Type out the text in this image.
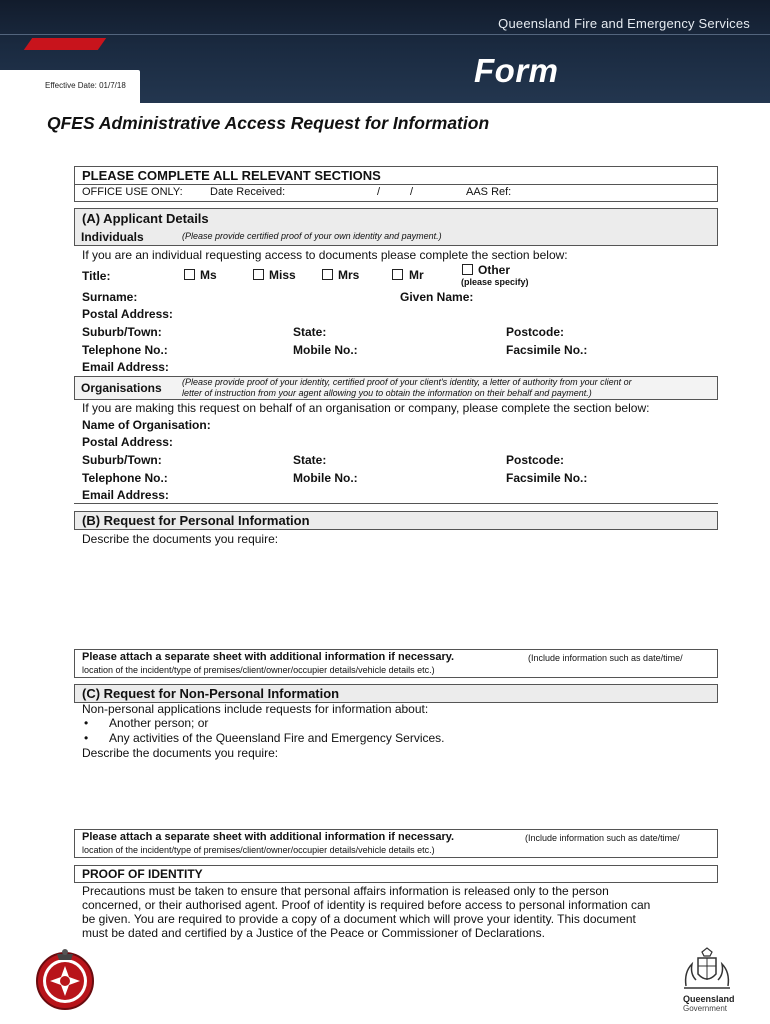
Queensland Fire and Emergency Services
Form
Effective Date: 01/7/18
QFES Administrative Access Request for Information
PLEASE COMPLETE ALL RELEVANT SECTIONS
OFFICE USE ONLY: Date Received:	/	/	AAS Ref:
(A) Applicant Details
Individuals	(Please provide certified proof of your own identity and payment.)
If you are an individual requesting access to documents please complete the section below:
Title:	Ms	Miss	Mrs	Mr	Other
(please specify)
Surname:	Given Name:
Postal Address:
Suburb/Town:	State:	Postcode:
Telephone No.:	Mobile No.:	Facsimile No.:
Email Address:
Organisations (Please provide proof of your identity, certified proof of your client's identity, a letter of authority from your client or
letter of instruction from your agent allowing you to obtain the information on their behalf and payment.)
If you are making this request on behalf of an organisation or company, please complete the section below:
Name of Organisation:
Postal Address:
Suburb/Town:	State:	Postcode:
Telephone No.:	Mobile No.:	Facsimile No.:
Email Address:
(B) Request for Personal Information
Describe the documents you require:
Please attach a separate sheet with additional information if necessary.	(Include information such as date/time/
location of the incident/type of premises/client/owner/occupier details/vehicle details etc.)
(C) Request for Non-Personal Information
Non-personal applications include requests for information about:
• Another person; or
• Any activities of the Queensland Fire and Emergency Services.
Describe the documents you require:
Please attach a separate sheet with additional information if necessary.	(Include information such as date/time/
location of the incident/type of premises/client/owner/occupier details/vehicle details etc.)
PROOF OF IDENTITY
Precautions must be taken to ensure that personal affairs information is released only to the person
concerned, or their authorised agent. Proof of identity is required before access to personal information can
be given. You are required to provide a copy of a document which will prove your identity. This document
must be dated and certified by a Justice of the Peace or Commissioner of Declarations.
Queensland
Government
